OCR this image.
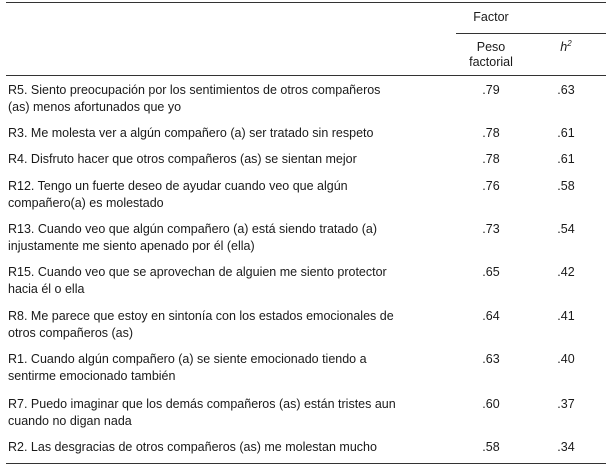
Factor
Peso
factorial
$h^2$
R5. Siento preocupación por los sentimientos de otros compañeros
(as) menos afortunados que yo
.79	.63
R3. Me molesta ver a algún compañero (a) ser tratado sin respeto	.78	.61
R4. Disfruto hacer que otros compañeros (as) se sientan mejor	.78	.61
R12. Tengo un fuerte deseo de ayudar cuando veo que algún
compañero(a) es molestado
.76	.58
R13. Cuando veo que algún compañero (a) está siendo tratado (a)
injustamente me siento apenado por él (ella)
.73	.54
R15. Cuando veo que se aprovechan de alguien me siento protector
hacia él o ella
.65	.42
R8. Me parece que estoy en sintonía con los estados emocionales de
otros compañeros (as)
.64	.41
R1. Cuando algún compañero (a) se siente emocionado tiendo a
sentirme emocionado también
.63	.40
R7. Puedo imaginar que los demás compañeros (as) están tristes aun
cuando no digan nada
.60	.37
R2. Las desgracias de otros compañeros (as) me molestan mucho	.58	.34
